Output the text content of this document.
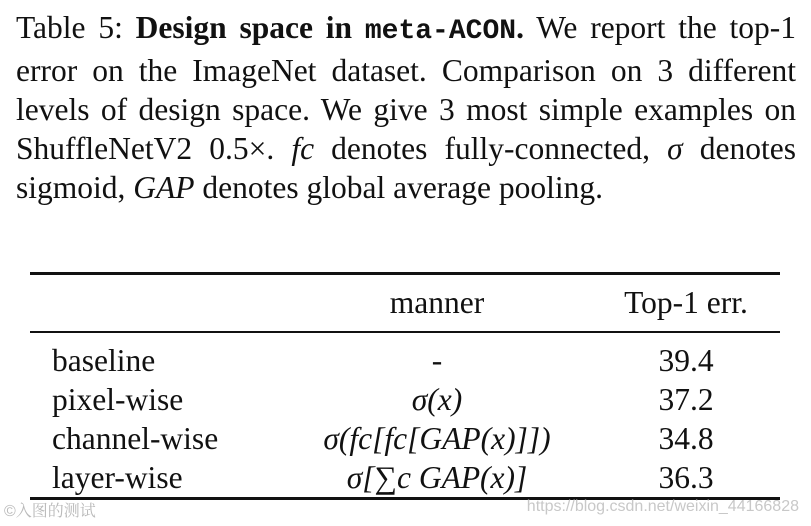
Table 5: Design space in meta-ACON. We report the top-1 error on the ImageNet dataset. Comparison on 3 different levels of design space. We give 3 most simple examples on ShuffleNetV2 0.5×. fc denotes fully-connected, σ denotes sigmoid, GAP denotes global average pooling.
	manner	Top-1 err.
baseline	-	39.4
pixel-wise	σ(x)	37.2
channel-wise	σ(fc[fc[GAP(x)]])	34.8
layer-wise	σ[∑c GAP(x)]	36.3
©入图的测试	https://blog.csdn.net/weixin_44166828
